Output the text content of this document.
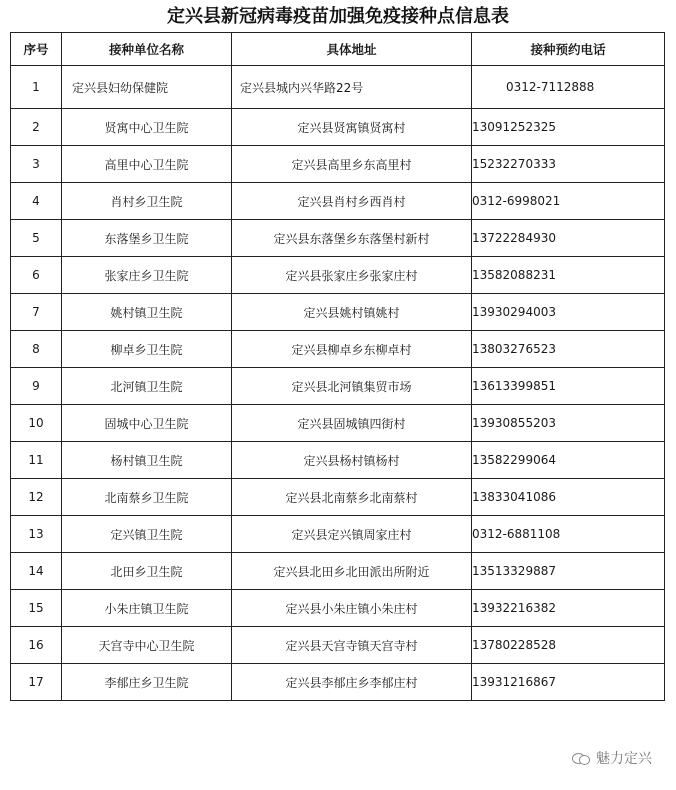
定兴县新冠病毒疫苗加强免疫接种点信息表
序号	接种单位名称	具体地址	接种预约电话
1	定兴县妇幼保健院	定兴县城内兴华路22号	0312-7112888
2	贤寓中心卫生院	定兴县贤寓镇贤寓村	13091252325
3	高里中心卫生院	定兴县高里乡东高里村	15232270333
4	肖村乡卫生院	定兴县肖村乡西肖村	0312-6998021
5	东落堡乡卫生院	定兴县东落堡乡东落堡村新村	13722284930
6	张家庄乡卫生院	定兴县张家庄乡张家庄村	13582088231
7	姚村镇卫生院	定兴县姚村镇姚村	13930294003
8	柳卓乡卫生院	定兴县柳卓乡东柳卓村	13803276523
9	北河镇卫生院	定兴县北河镇集贸市场	13613399851
10	固城中心卫生院	定兴县固城镇四街村	13930855203
11	杨村镇卫生院	定兴县杨村镇杨村	13582299064
12	北南蔡乡卫生院	定兴县北南蔡乡北南蔡村	13833041086
13	定兴镇卫生院	定兴县定兴镇周家庄村	0312-6881108
14	北田乡卫生院	定兴县北田乡北田派出所附近	13513329887
15	小朱庄镇卫生院	定兴县小朱庄镇小朱庄村	13932216382
16	天宫寺中心卫生院	定兴县天宫寺镇天宫寺村	13780228528
17	李郁庄乡卫生院	定兴县李郁庄乡李郁庄村	13931216867
魅力定兴
